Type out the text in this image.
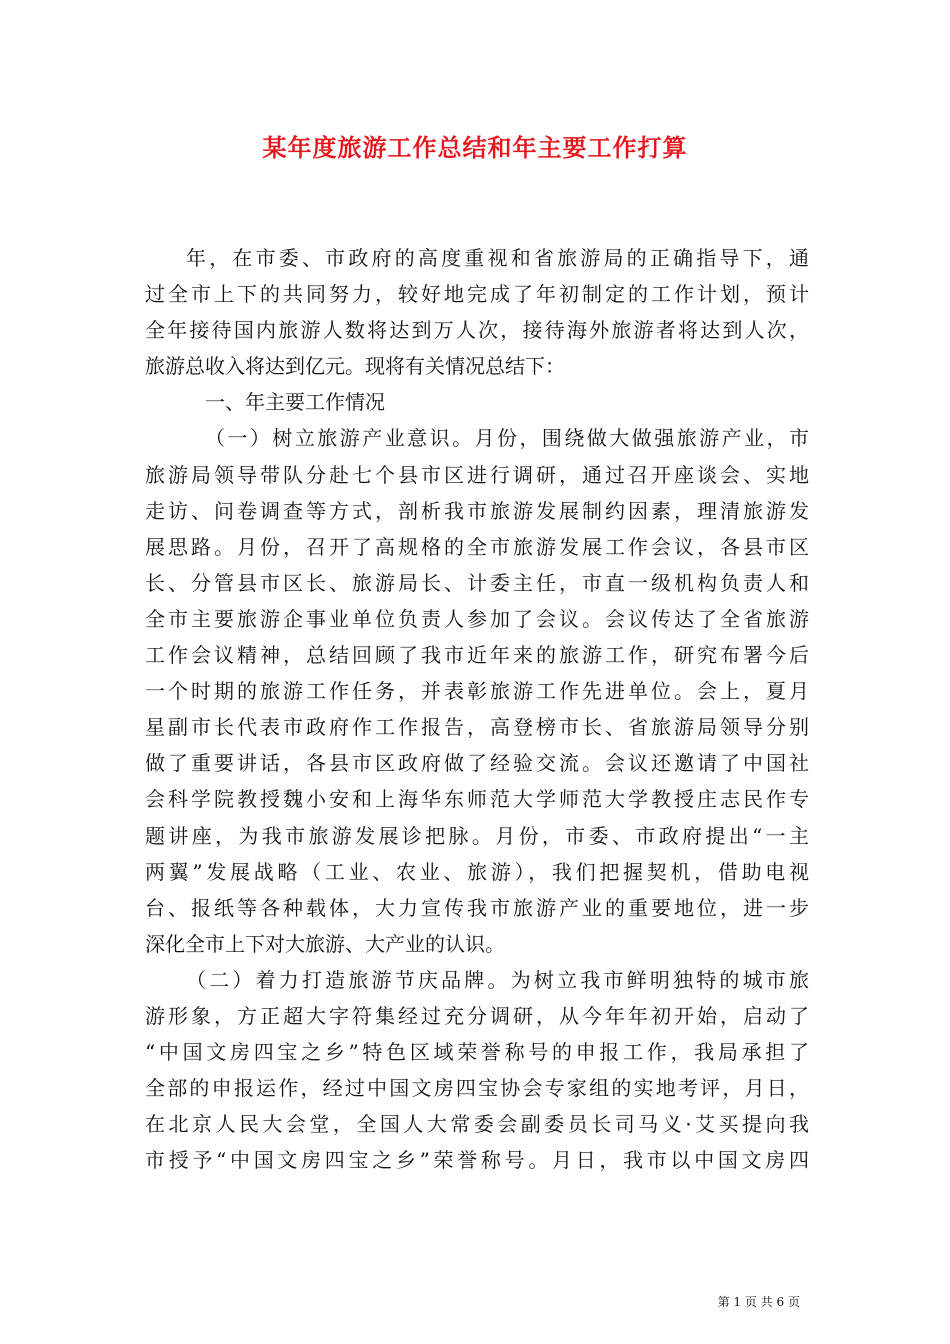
某年度旅游工作总结和年主要工作打算
年，在市委、市政府的高度重视和省旅游局的正确指导下，通
过全市上下的共同努力，较好地完成了年初制定的工作计划，预计
全年接待国内旅游人数将达到万人次，接待海外旅游者将达到人次，
旅游总收入将达到亿元。现将有关情况总结下：
一、年主要工作情况
（一）树立旅游产业意识。月份，围绕做大做强旅游产业，市
旅游局领导带队分赴七个县市区进行调研，通过召开座谈会、实地
走访、问卷调查等方式，剖析我市旅游发展制约因素，理清旅游发
展思路。月份，召开了高规格的全市旅游发展工作会议，各县市区
长、分管县市区长、旅游局长、计委主任，市直一级机构负责人和
全市主要旅游企事业单位负责人参加了会议。会议传达了全省旅游
工作会议精神，总结回顾了我市近年来的旅游工作，研究布署今后
一个时期的旅游工作任务，并表彰旅游工作先进单位。会上，夏月
星副市长代表市政府作工作报告，高登榜市长、省旅游局领导分别
做了重要讲话，各县市区政府做了经验交流。会议还邀请了中国社
会科学院教授魏小安和上海华东师范大学师范大学教授庄志民作专
题讲座，为我市旅游发展诊把脉。月份，市委、市政府提出“一主
两翼”发展战略（工业、农业、旅游），我们把握契机，借助电视
台、报纸等各种载体，大力宣传我市旅游产业的重要地位，进一步
深化全市上下对大旅游、大产业的认识。
（二）着力打造旅游节庆品牌。为树立我市鲜明独特的城市旅
游形象，方正超大字符集经过充分调研，从今年年初开始，启动了
“中国文房四宝之乡”特色区域荣誉称号的申报工作，我局承担了
全部的申报运作，经过中国文房四宝协会专家组的实地考评，月日，
在北京人民大会堂，全国人大常委会副委员长司马义·艾买提向我
市授予“中国文房四宝之乡”荣誉称号。月日，我市以中国文房四
第 1 页 共 6 页
